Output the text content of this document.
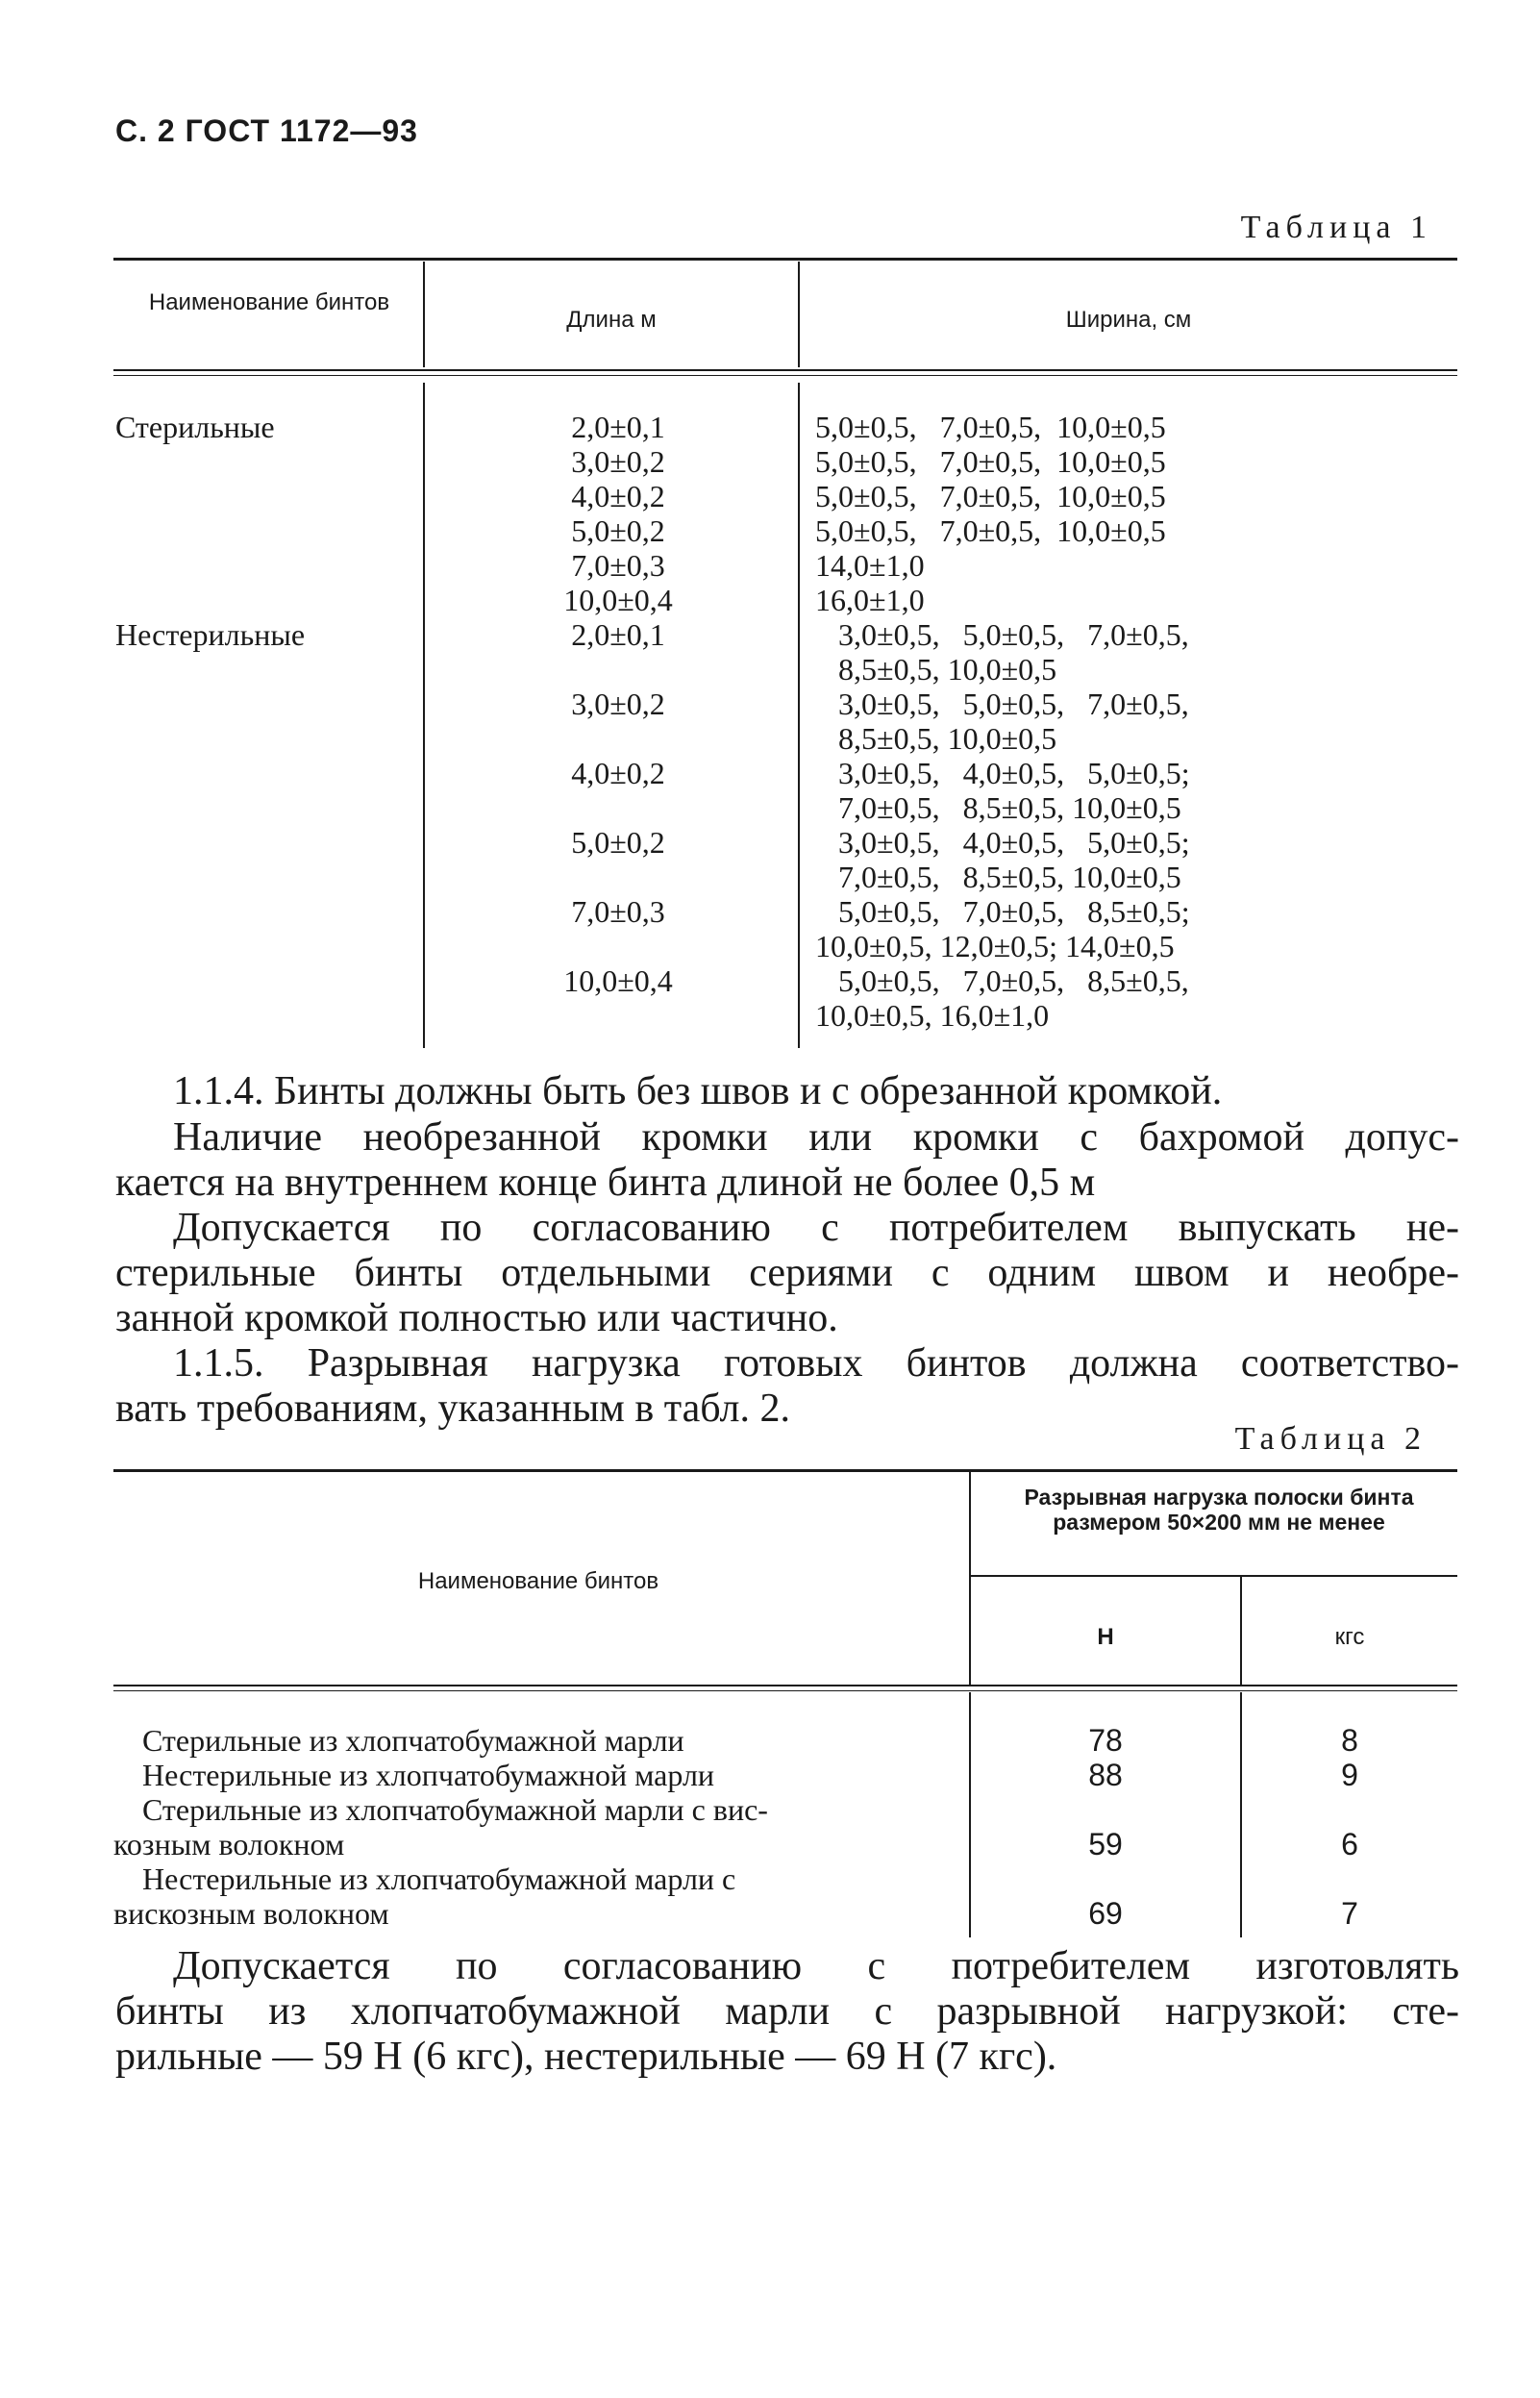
С. 2 ГОСТ 1172—93
Таблица 1
Наименование бинтов
Длина м	Ширина, см
Стерильные	2,0±0,1	5,0±0,5,   7,0±0,5,  10,0±0,5
3,0±0,2	5,0±0,5,   7,0±0,5,  10,0±0,5
4,0±0,2	5,0±0,5,   7,0±0,5,  10,0±0,5
5,0±0,2	5,0±0,5,   7,0±0,5,  10,0±0,5
7,0±0,3	14,0±1,0
10,0±0,4	16,0±1,0
Нестерильные	2,0±0,1	3,0±0,5,   5,0±0,5,   7,0±0,5,
8,5±0,5, 10,0±0,5
3,0±0,2	3,0±0,5,   5,0±0,5,   7,0±0,5,
8,5±0,5, 10,0±0,5
4,0±0,2	3,0±0,5,   4,0±0,5,   5,0±0,5;
7,0±0,5,   8,5±0,5, 10,0±0,5
5,0±0,2	3,0±0,5,   4,0±0,5,   5,0±0,5;
7,0±0,5,   8,5±0,5, 10,0±0,5
7,0±0,3	5,0±0,5,   7,0±0,5,   8,5±0,5;
10,0±0,5, 12,0±0,5; 14,0±0,5
10,0±0,4	5,0±0,5,   7,0±0,5,   8,5±0,5,
10,0±0,5, 16,0±1,0
1.1.4. Бинты должны быть без швов и с обрезанной кромкой.
Наличие необрезанной кромки или кромки с бахромой допус-
кается на внутреннем конце бинта длиной не более 0,5 м
Допускается по согласованию с потребителем выпускать не-
стерильные бинты отдельными сериями с одним швом и необре-
занной кромкой полностью или частично.
1.1.5. Разрывная нагрузка готовых бинтов должна соответство-
вать требованиям, указанным в табл. 2.
Таблица 2
Наименование бинтов
Разрывная нагрузка полоски бинта размером 50×200 мм не менее
Н	кгс
Стерильные из хлопчатобумажной марли	78	8
Нестерильные из хлопчатобумажной марли	88	9
Стерильные из хлопчатобумажной марли с вис-
козным волокном	59	6
Нестерильные из хлопчатобумажной марли с
вискозным волокном	69	7
Допускается по согласованию с потребителем изготовлять
бинты из хлопчатобумажной марли с разрывной нагрузкой: сте-
рильные — 59 Н (6 кгс), нестерильные — 69 Н (7 кгс).
